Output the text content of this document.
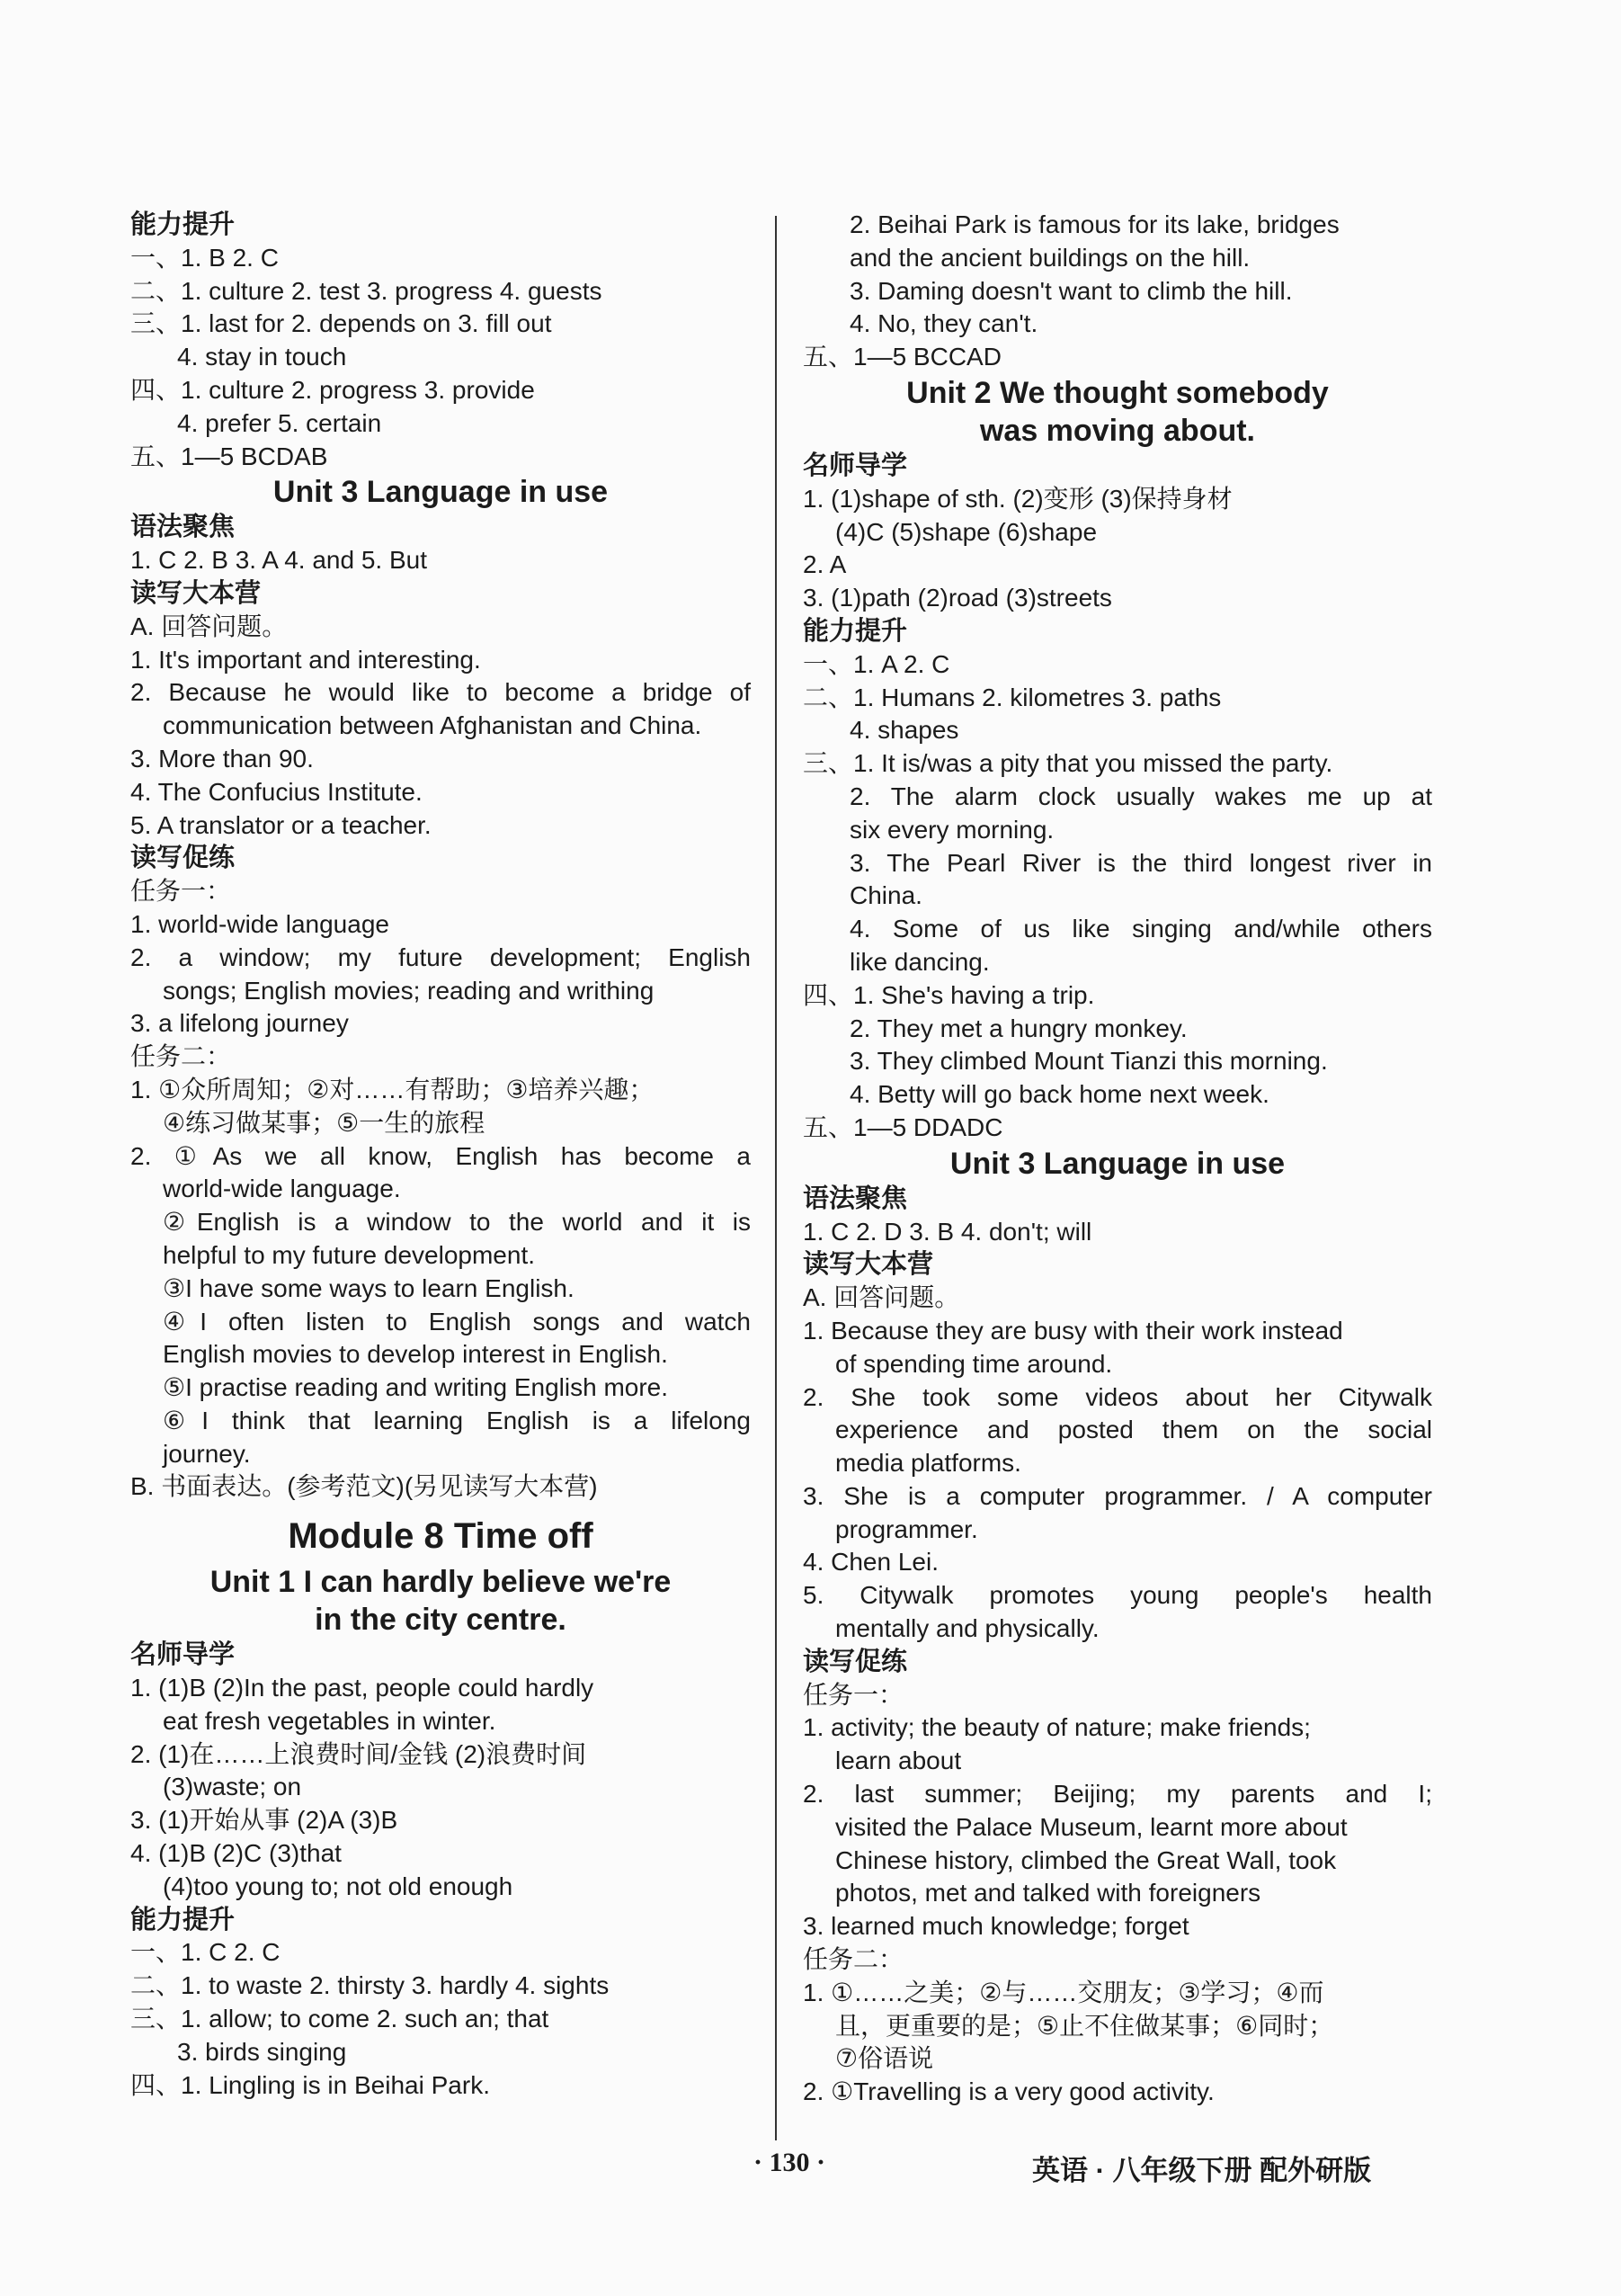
能力提升
一、1. B 2. C
二、1. culture 2. test 3. progress 4. guests
三、1. last for 2. depends on 3. fill out
4. stay in touch
四、1. culture 2. progress 3. provide
4. prefer 5. certain
五、1—5 BCDAB
Unit 3 Language in use
语法聚焦
1. C 2. B 3. A 4. and 5. But
读写大本营
A. 回答问题。
1. It's important and interesting.
2. Because he would like to become a bridge of
communication between Afghanistan and China.
3. More than 90.
4. The Confucius Institute.
5. A translator or a teacher.
读写促练
任务一：
1. world-wide language
2. a window; my future development; English
songs; English movies; reading and writhing
3. a lifelong journey
任务二：
1. ①众所周知；②对……有帮助；③培养兴趣；
④练习做某事；⑤一生的旅程
2. ①As we all know, English has become a
world-wide language.
②English is a window to the world and it is
helpful to my future development.
③I have some ways to learn English.
④I often listen to English songs and watch
English movies to develop interest in English.
⑤I practise reading and writing English more.
⑥I think that learning English is a lifelong
journey.
B. 书面表达。(参考范文)(另见读写大本营)
Module 8 Time off
Unit 1 I can hardly believe we're
in the city centre.
名师导学
1. (1)B (2)In the past, people could hardly
eat fresh vegetables in winter.
2. (1)在……上浪费时间/金钱 (2)浪费时间
(3)waste; on
3. (1)开始从事 (2)A (3)B
4. (1)B (2)C (3)that
(4)too young to; not old enough
能力提升
一、1. C 2. C
二、1. to waste 2. thirsty 3. hardly 4. sights
三、1. allow; to come 2. such an; that
3. birds singing
四、1. Lingling is in Beihai Park.
2. Beihai Park is famous for its lake, bridges
and the ancient buildings on the hill.
3. Daming doesn't want to climb the hill.
4. No, they can't.
五、1—5 BCCAD
Unit 2 We thought somebody
was moving about.
名师导学
1. (1)shape of sth. (2)变形 (3)保持身材
(4)C (5)shape (6)shape
2. A
3. (1)path (2)road (3)streets
能力提升
一、1. A 2. C
二、1. Humans 2. kilometres 3. paths
4. shapes
三、1. It is/was a pity that you missed the party.
2. The alarm clock usually wakes me up at
six every morning.
3. The Pearl River is the third longest river in
China.
4. Some of us like singing and/while others
like dancing.
四、1. She's having a trip.
2. They met a hungry monkey.
3. They climbed Mount Tianzi this morning.
4. Betty will go back home next week.
五、1—5 DDADC
Unit 3 Language in use
语法聚焦
1. C 2. D 3. B 4. don't; will
读写大本营
A. 回答问题。
1. Because they are busy with their work instead
of spending time around.
2. She took some videos about her Citywalk
experience and posted them on the social
media platforms.
3. She is a computer programmer. / A computer
programmer.
4. Chen Lei.
5. Citywalk promotes young people's health
mentally and physically.
读写促练
任务一：
1. activity; the beauty of nature; make friends;
learn about
2. last summer; Beijing; my parents and I;
visited the Palace Museum, learnt more about
Chinese history, climbed the Great Wall, took
photos, met and talked with foreigners
3. learned much knowledge; forget
任务二：
1. ①……之美；②与……交朋友；③学习；④而
且，更重要的是；⑤止不住做某事；⑥同时；
⑦俗语说
2. ①Travelling is a very good activity.
· 130 ·	英语 · 八年级下册 配外研版
